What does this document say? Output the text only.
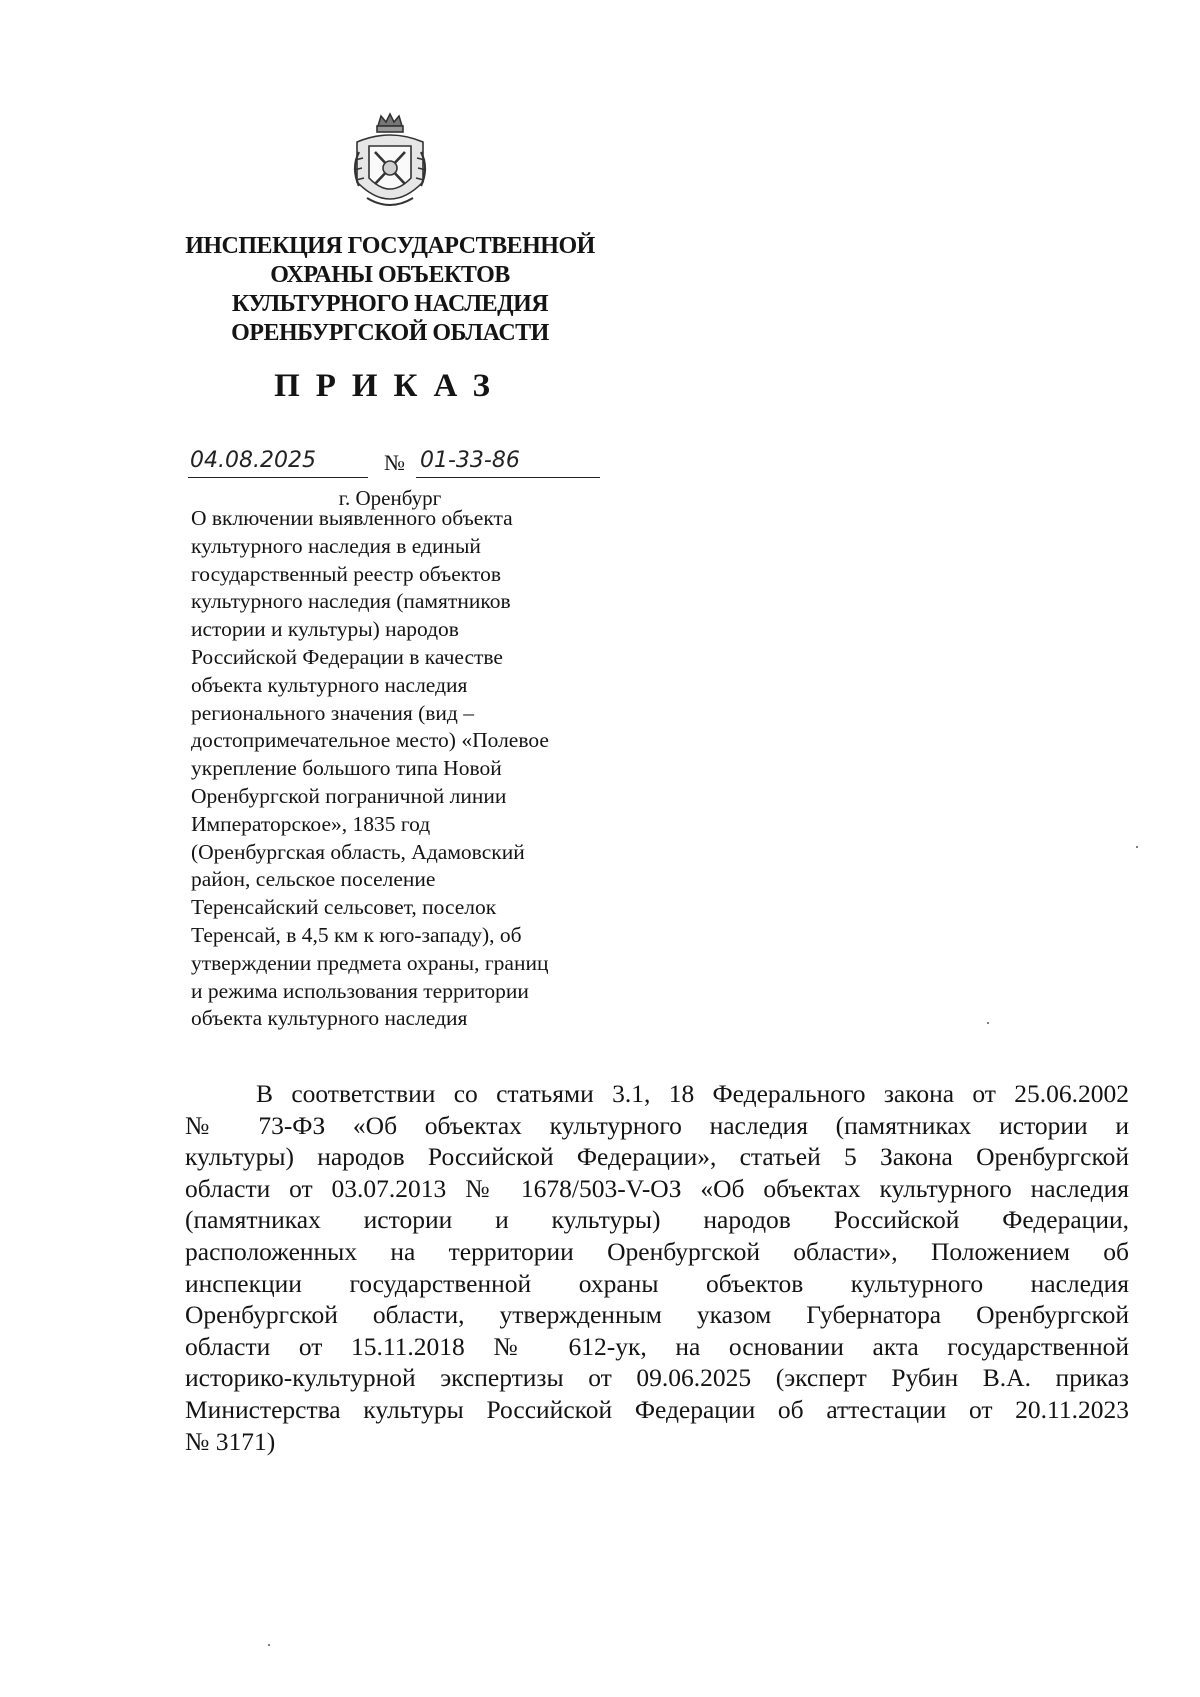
ИНСПЕКЦИЯ ГОСУДАРСТВЕННОЙ
ОХРАНЫ ОБЪЕКТОВ
КУЛЬТУРНОГО НАСЛЕДИЯ
ОРЕНБУРГСКОЙ ОБЛАСТИ
ПРИКАЗ
04.08.2025	№ 01-33-86
г. Оренбург
О включении выявленного объекта
культурного наследия в единый
государственный реестр объектов
культурного наследия (памятников
истории и культуры) народов
Российской Федерации в качестве
объекта культурного наследия
регионального значения (вид –
достопримечательное место) «Полевое
укрепление большого типа Новой
Оренбургской пограничной линии
Императорское», 1835 год
(Оренбургская область, Адамовский
район, сельское поселение
Теренсайский сельсовет, поселок
Теренсай, в 4,5 км к юго-западу), об
утверждении предмета охраны, границ
и режима использования территории
объекта культурного наследия
В соответствии со статьями 3.1, 18 Федерального закона от 25.06.2002
№ 73-ФЗ «Об объектах культурного наследия (памятниках истории и
культуры) народов Российской Федерации», статьей 5 Закона Оренбургской
области от 03.07.2013 № 1678/503-V-ОЗ «Об объектах культурного наследия
(памятниках истории и культуры) народов Российской Федерации,
расположенных на территории Оренбургской области», Положением об
инспекции государственной охраны объектов культурного наследия
Оренбургской области, утвержденным указом Губернатора Оренбургской
области от 15.11.2018 № 612-ук, на основании акта государственной
историко-культурной экспертизы от 09.06.2025 (эксперт Рубин В.А. приказ
Министерства культуры Российской Федерации об аттестации от 20.11.2023
№ 3171)
